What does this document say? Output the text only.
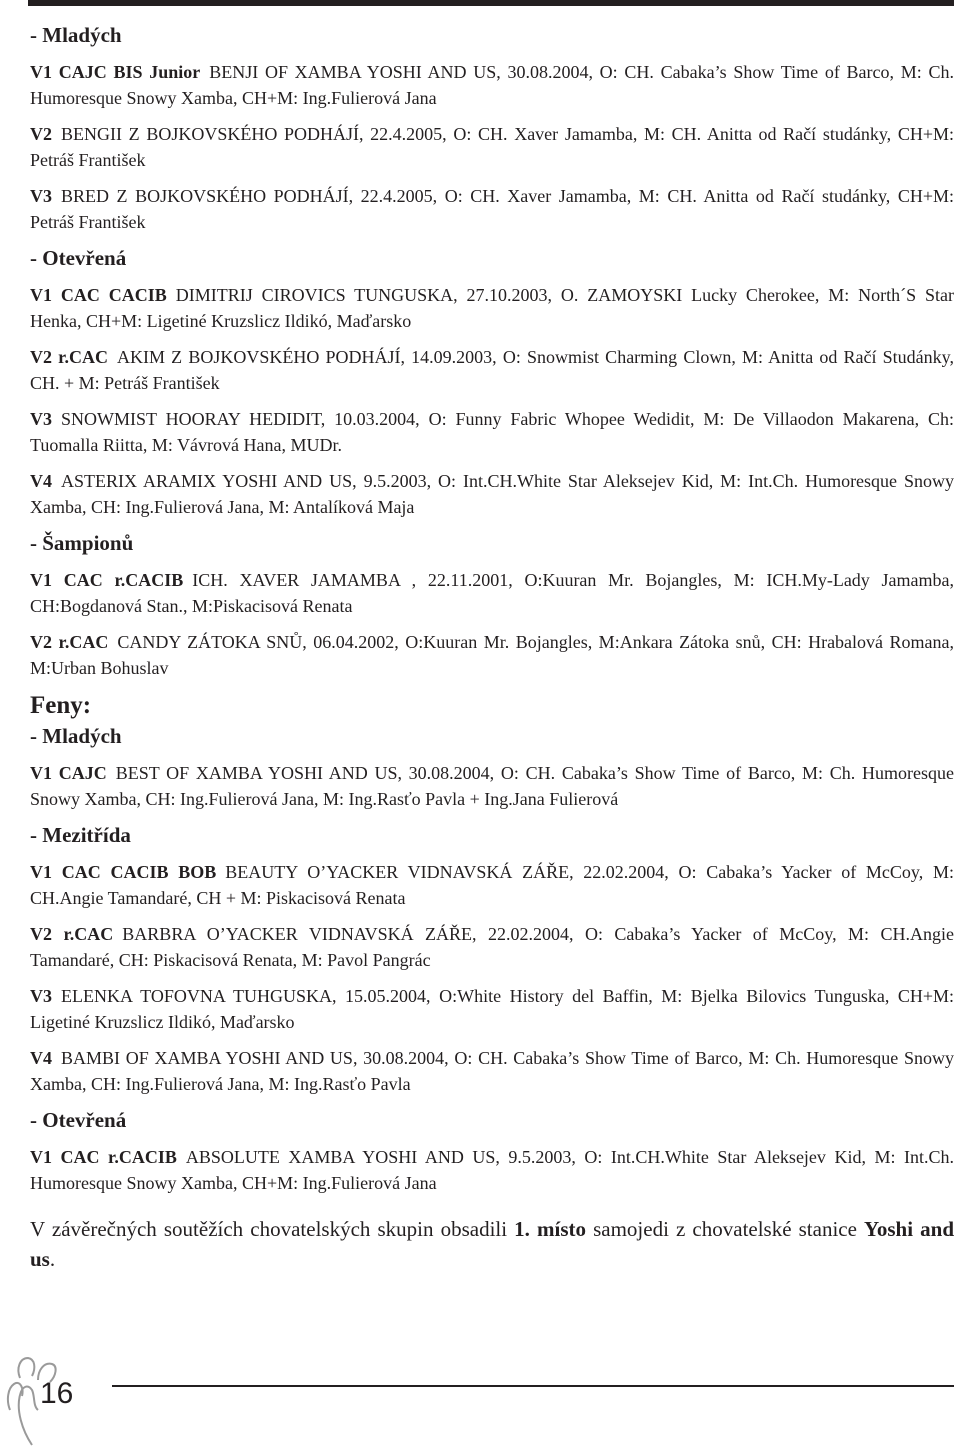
- Mladých
V1 CAJC BIS Junior  BENJI OF XAMBA YOSHI AND US, 30.08.2004, O: CH. Cabaka’s Show Time of Barco, M: Ch. Humoresque Snowy Xamba, CH+M: Ing.Fulierová Jana
V2  BENGII Z BOJKOVSKÉHO PODHÁJÍ, 22.4.2005, O: CH. Xaver Jamamba, M: CH. Anitta od Račí studánky, CH+M: Petráš František
V3  BRED Z BOJKOVSKÉHO PODHÁJÍ, 22.4.2005, O: CH. Xaver Jamamba, M: CH. Anitta od Račí studánky, CH+M: Petráš František
- Otevřená
V1 CAC CACIB  DIMITRIJ CIROVICS TUNGUSKA, 27.10.2003, O. ZAMOYSKI Lucky Cherokee, M: North´S Star Henka, CH+M: Ligetiné Kruzslicz Ildikó, Maďarsko
V2 r.CAC  AKIM Z BOJKOVSKÉHO PODHÁJÍ, 14.09.2003, O: Snowmist Charming Clown, M: Anitta od Račí Studánky, CH. + M: Petráš František
V3  SNOWMIST HOORAY HEDIDIT, 10.03.2004, O: Funny Fabric Whopee Wedidit, M: De Villaodon Makarena, Ch: Tuomalla Riitta, M: Vávrová Hana, MUDr.
V4  ASTERIX ARAMIX YOSHI AND US, 9.5.2003, O: Int.CH.White Star Aleksejev Kid, M: Int.Ch. Humoresque Snowy Xamba, CH: Ing.Fulierová Jana, M: Antalíková Maja
- Šampionů
V1 CAC r.CACIB  ICH. XAVER JAMAMBA , 22.11.2001, O:Kuuran Mr. Bojangles, M: ICH.My-Lady Jamamba, CH:Bogdanová Stan., M:Piskacisová Renata
V2 r.CAC  CANDY ZÁTOKA SNŮ, 06.04.2002, O:Kuuran Mr. Bojangles, M:Ankara Zátoka snů, CH: Hrabalová Romana, M:Urban Bohuslav
Feny:
- Mladých
V1 CAJC  BEST OF XAMBA YOSHI AND US, 30.08.2004, O: CH. Cabaka’s Show Time of Barco, M: Ch. Humoresque Snowy Xamba, CH: Ing.Fulierová Jana, M: Ing.Rasťo Pavla + Ing.Jana Fulierová
- Mezitřída
V1 CAC CACIB BOB  BEAUTY O’YACKER VIDNAVSKÁ ZÁŘE, 22.02.2004, O: Cabaka’s Yacker of McCoy, M: CH.Angie Tamandaré, CH + M: Piskacisová Renata
V2 r.CAC  BARBRA O’YACKER VIDNAVSKÁ ZÁŘE, 22.02.2004, O: Cabaka’s Yacker of McCoy, M: CH.Angie Tamandaré, CH: Piskacisová Renata, M: Pavol Pangrác
V3  ELENKA TOFOVNA TUHGUSKA, 15.05.2004, O:White History del Baffin, M: Bjelka Bilovics Tunguska, CH+M: Ligetiné Kruzslicz Ildikó, Maďarsko
V4  BAMBI OF XAMBA YOSHI AND US, 30.08.2004, O: CH. Cabaka’s Show Time of Barco, M: Ch. Humoresque Snowy Xamba, CH: Ing.Fulierová Jana, M: Ing.Rasťo Pavla
- Otevřená
V1 CAC r.CACIB  ABSOLUTE XAMBA YOSHI AND US, 9.5.2003, O: Int.CH.White Star Aleksejev Kid, M: Int.Ch. Humoresque Snowy Xamba, CH+M: Ing.Fulierová Jana
V závěrečných soutěžích chovatelských skupin obsadili 1. místo samojedi z chovatelské stanice Yoshi and us.
16
